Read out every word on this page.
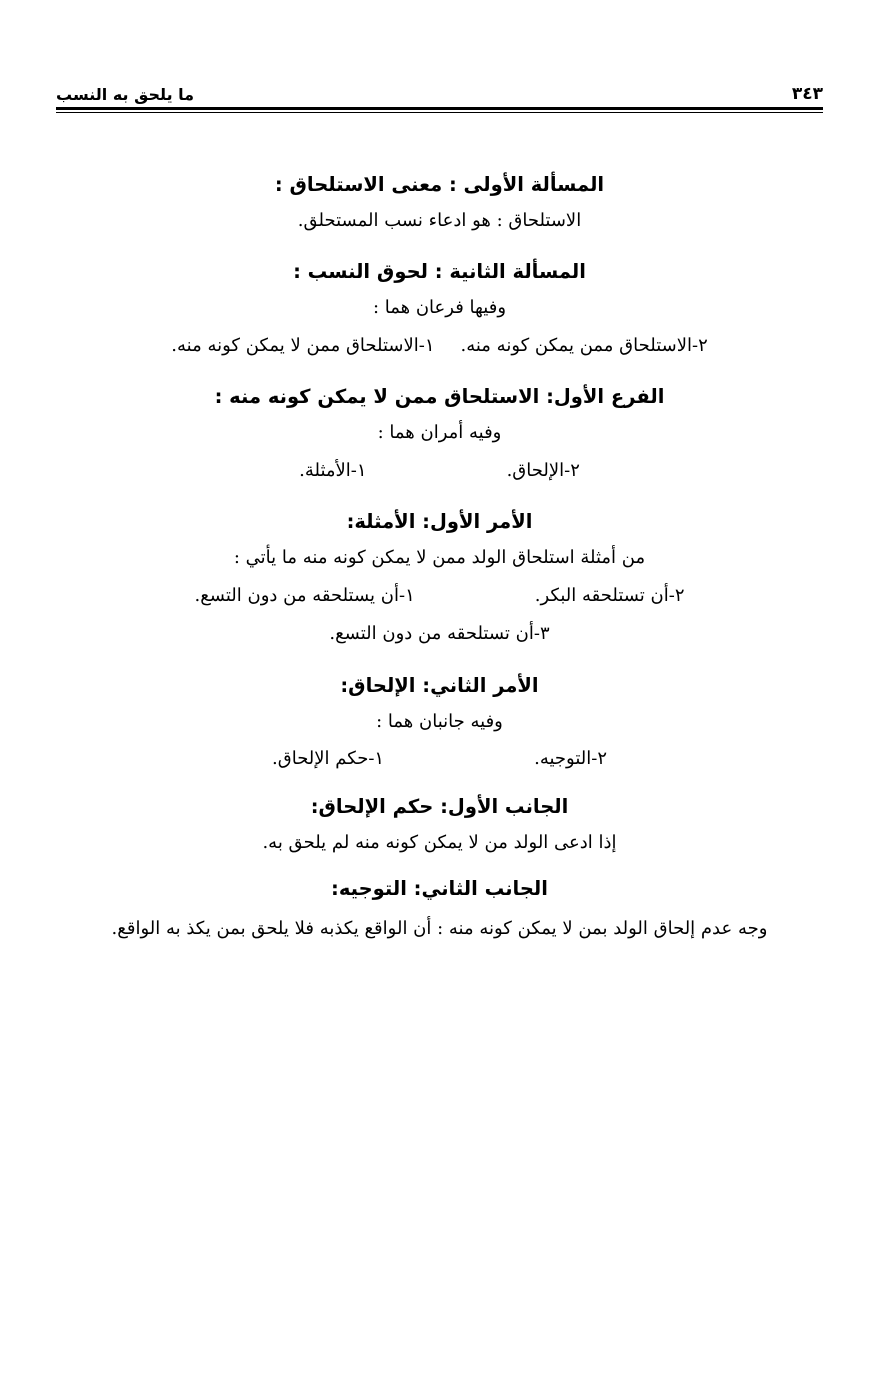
٣٤٣
ما يلحق به النسب
المسألة الأولى : معنى الاستلحاق :
الاستلحاق : هو ادعاء نسب المستحلق.
المسألة الثانية : لحوق النسب :
وفيها فرعان هما :
٢-الاستلحاق ممن يمكن كونه منه.
١-الاستلحاق ممن لا يمكن كونه منه.
الفرع الأول: الاستلحاق ممن لا يمكن كونه منه :
وفيه أمران هما :
٢-الإلحاق.
١-الأمثلة.
الأمر الأول: الأمثلة:
من أمثلة استلحاق الولد ممن لا يمكن كونه منه ما يأتي :
٢-أن تستلحقه البكر.
١-أن يستلحقه من دون التسع.
٣-أن تستلحقه من دون التسع.
الأمر الثاني: الإلحاق:
وفيه جانبان هما :
٢-التوجيه.
١-حكم الإلحاق.
الجانب الأول: حكم الإلحاق:
إذا ادعى الولد من لا يمكن كونه منه لم يلحق به.
الجانب الثاني: التوجيه:
وجه عدم إلحاق الولد بمن لا يمكن كونه منه : أن الواقع يكذبه فلا يلحق بمن يكذ به الواقع.
